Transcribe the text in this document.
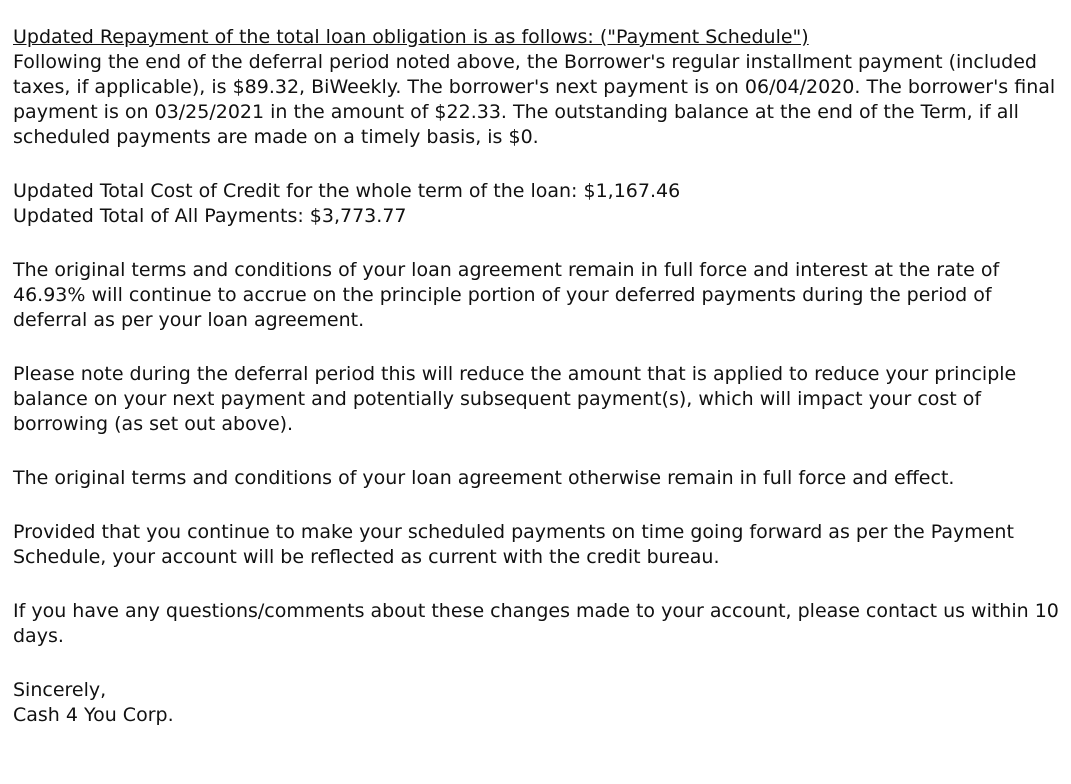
Updated Repayment of the total loan obligation is as follows: ("Payment Schedule")
Following the end of the deferral period noted above, the Borrower's regular installment payment (included taxes, if applicable), is $89.32, BiWeekly. The borrower's next payment is on 06/04/2020. The borrower's final payment is on 03/25/2021 in the amount of $22.33. The outstanding balance at the end of the Term, if all scheduled payments are made on a timely basis, is $0.

Updated Total Cost of Credit for the whole term of the loan: $1,167.46
Updated Total of All Payments: $3,773.77

The original terms and conditions of your loan agreement remain in full force and interest at the rate of 46.93% will continue to accrue on the principle portion of your deferred payments during the period of deferral as per your loan agreement.

Please note during the deferral period this will reduce the amount that is applied to reduce your principle balance on your next payment and potentially subsequent payment(s), which will impact your cost of borrowing (as set out above).

The original terms and conditions of your loan agreement otherwise remain in full force and effect.

Provided that you continue to make your scheduled payments on time going forward as per the Payment Schedule, your account will be reflected as current with the credit bureau.

If you have any questions/comments about these changes made to your account, please contact us within 10 days.

Sincerely,
Cash 4 You Corp.
